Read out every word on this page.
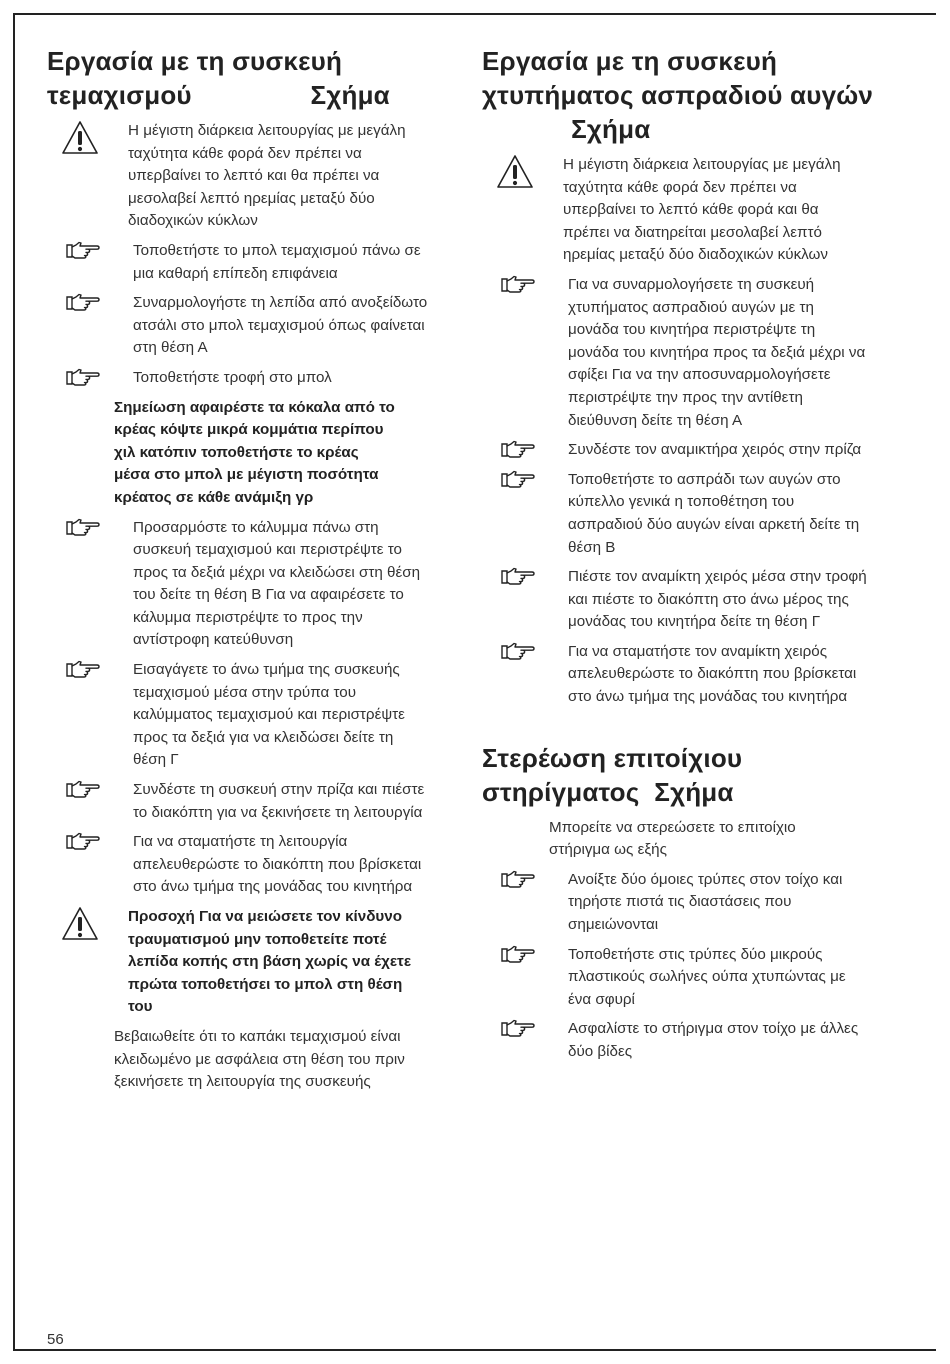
Εργασία με τη συσκευή
τεμαχισμού                Σχήμα
Η μέγιστη διάρκεια λειτουργίας με μεγάλη
ταχύτητα κάθε φορά δεν πρέπει να
υπερβαίνει το λεπτό και θα πρέπει να
μεσολαβεί λεπτό ηρεμίας μεταξύ δύο
διαδοχικών κύκλων
Τοποθετήστε το μπολ τεμαχισμού πάνω σε
μια καθαρή επίπεδη επιφάνεια
Συναρμολογήστε τη λεπίδα από ανοξείδωτο
ατσάλι στο μπολ τεμαχισμού όπως φαίνεται
στη θέση Α
Τοποθετήστε τροφή στο μπολ
Σημείωση αφαιρέστε τα κόκαλα από το
κρέας κόψτε μικρά κομμάτια περίπου
χιλ κατόπιν τοποθετήστε το κρέας
μέσα στο μπολ με μέγιστη ποσότητα
κρέατος σε κάθε ανάμιξη γρ
Προσαρμόστε το κάλυμμα πάνω στη
συσκευή τεμαχισμού και περιστρέψτε το
προς τα δεξιά μέχρι να κλειδώσει στη θέση
του δείτε τη θέση Β Για να αφαιρέσετε το
κάλυμμα περιστρέψτε το προς την
αντίστροφη κατεύθυνση
Εισαγάγετε το άνω τμήμα της συσκευής
τεμαχισμού μέσα στην τρύπα του
καλύμματος τεμαχισμού και περιστρέψτε
προς τα δεξιά για να κλειδώσει δείτε τη
θέση Γ
Συνδέστε τη συσκευή στην πρίζα και πιέστε
το διακόπτη για να ξεκινήσετε τη λειτουργία
Για να σταματήστε τη λειτουργία
απελευθερώστε το διακόπτη που βρίσκεται
στο άνω τμήμα της μονάδας του κινητήρα
Προσοχή Για να μειώσετε τον κίνδυνο
τραυματισμού μην τοποθετείτε ποτέ
λεπίδα κοπής στη βάση χωρίς να έχετε
πρώτα τοποθετήσει το μπολ στη θέση
του
Βεβαιωθείτε ότι το καπάκι τεμαχισμού είναι
κλειδωμένο με ασφάλεια στη θέση του πριν
ξεκινήσετε τη λειτουργία της συσκευής
Εργασία με τη συσκευή
χτυπήματος ασπραδιού αυγών
Σχήμα
Η μέγιστη διάρκεια λειτουργίας με μεγάλη
ταχύτητα κάθε φορά δεν πρέπει να
υπερβαίνει το λεπτό κάθε φορά και θα
πρέπει να διατηρείται μεσολαβεί λεπτό
ηρεμίας μεταξύ δύο διαδοχικών κύκλων
Για να συναρμολογήσετε τη συσκευή
χτυπήματος ασπραδιού αυγών με τη
μονάδα του κινητήρα περιστρέψτε τη
μονάδα του κινητήρα προς τα δεξιά μέχρι να
σφίξει Για να την αποσυναρμολογήσετε
περιστρέψτε την προς την αντίθετη
διεύθυνση δείτε τη θέση Α
Συνδέστε τον αναμικτήρα χειρός στην πρίζα
Τοποθετήστε το ασπράδι των αυγών στο
κύπελλο γενικά η τοποθέτηση του
ασπραδιού δύο αυγών είναι αρκετή δείτε τη
θέση Β
Πιέστε τον αναμίκτη χειρός μέσα στην τροφή
και πιέστε το διακόπτη στο άνω μέρος της
μονάδας του κινητήρα δείτε τη θέση Γ
Για να σταματήστε τον αναμίκτη χειρός
απελευθερώστε το διακόπτη που βρίσκεται
στο άνω τμήμα της μονάδας του κινητήρα
Στερέωση επιτοίχιου
στηρίγματος  Σχήμα
Μπορείτε να στερεώσετε το επιτοίχιο
στήριγμα ως εξής
Ανοίξτε δύο όμοιες τρύπες στον τοίχο και
τηρήστε πιστά τις διαστάσεις που
σημειώνονται
Τοποθετήστε στις τρύπες δύο μικρούς
πλαστικούς σωλήνες ούπα χτυπώντας με
ένα σφυρί
Ασφαλίστε το στήριγμα στον τοίχο με άλλες
δύο βίδες
56
